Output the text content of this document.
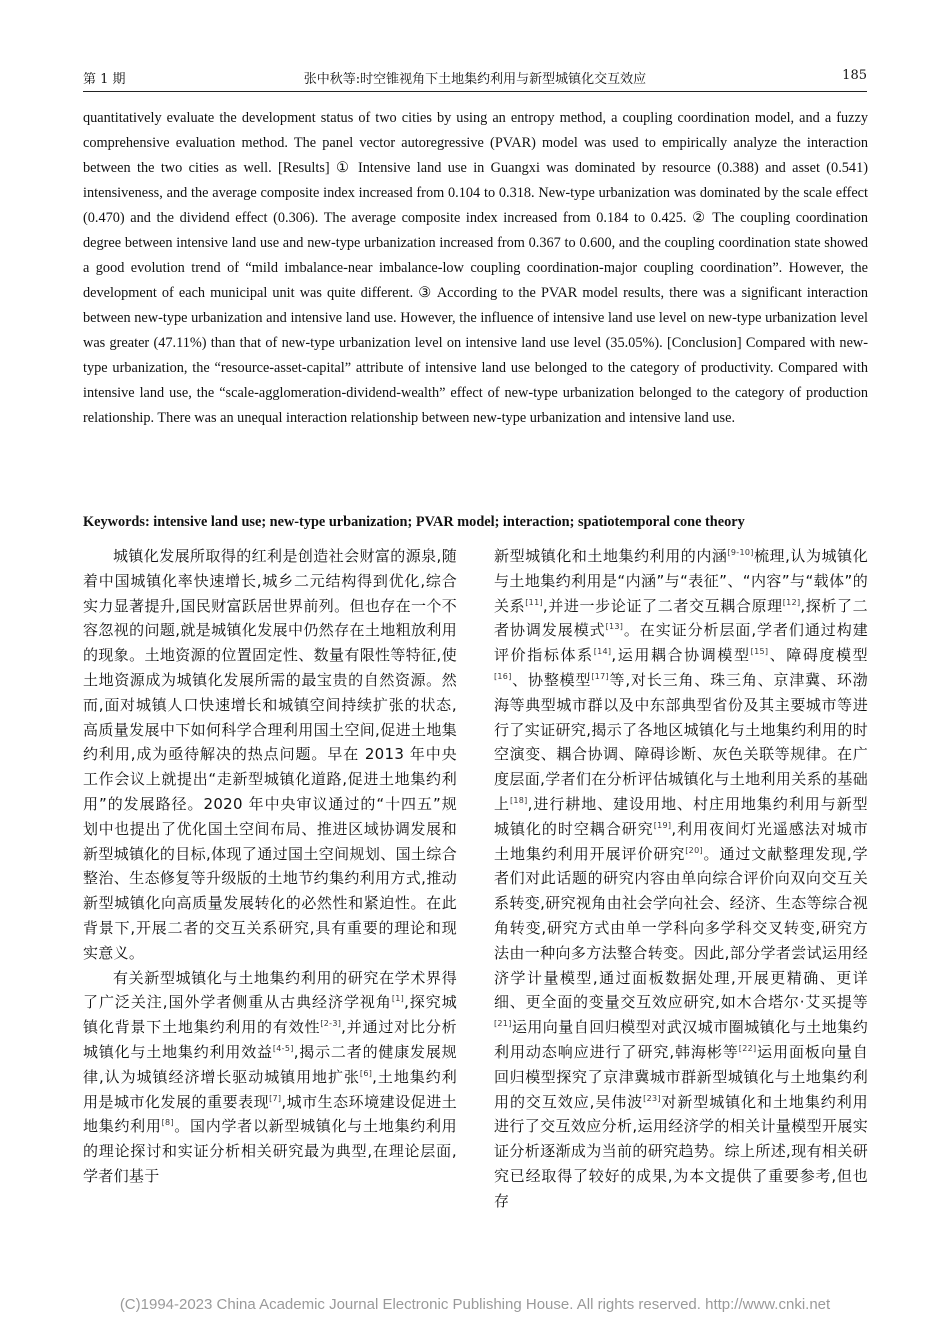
第 1 期	张中秋等:时空锥视角下土地集约利用与新型城镇化交互效应	185

quantitatively evaluate the development status of two cities by using an entropy method, a coupling coordination model, and a fuzzy comprehensive evaluation method. The panel vector autoregressive (PVAR) model was used to empirically analyze the interaction between the two cities as well. [Results] ① Intensive land use in Guangxi was dominated by resource (0.388) and asset (0.541) intensiveness, and the average composite index increased from 0.104 to 0.318. New-type urbanization was dominated by the scale effect (0.470) and the dividend effect (0.306). The average composite index increased from 0.184 to 0.425. ② The coupling coordination degree between intensive land use and new-type urbanization increased from 0.367 to 0.600, and the coupling coordination state showed a good evolution trend of “mild imbalance-near imbalance-low coupling coordination-major coupling coordination”. However, the development of each municipal unit was quite different. ③ According to the PVAR model results, there was a significant interaction between new-type urbanization and intensive land use. However, the influence of intensive land use level on new-type urbanization level was greater (47.11%) than that of new-type urbanization level on intensive land use level (35.05%). [Conclusion] Compared with new-type urbanization, the “resource-asset-capital” attribute of intensive land use belonged to the category of productivity. Compared with intensive land use, the “scale-agglomeration-dividend-wealth” effect of new-type urbanization belonged to the category of production relationship. There was an unequal interaction relationship between new-type urbanization and intensive land use.

Keywords: intensive land use; new-type urbanization; PVAR model; interaction; spatiotemporal cone theory

城镇化发展所取得的红利是创造社会财富的源泉,随着中国城镇化率快速增长,城乡二元结构得到优化,综合实力显著提升,国民财富跃居世界前列。但也存在一个不容忽视的问题,就是城镇化发展中仍然存在土地粗放利用的现象。土地资源的位置固定性、数量有限性等特征,使土地资源成为城镇化发展所需的最宝贵的自然资源。然而,面对城镇人口快速增长和城镇空间持续扩张的状态,高质量发展中下如何科学合理利用国土空间,促进土地集约利用,成为亟待解决的热点问题。早在 2013 年中央工作会议上就提出“走新型城镇化道路,促进土地集约利用”的发展路径。2020 年中央审议通过的“十四五”规划中也提出了优化国土空间布局、推进区域协调发展和新型城镇化的目标,体现了通过国土空间规划、国土综合整治、生态修复等升级版的土地节约集约利用方式,推动新型城镇化向高质量发展转化的必然性和紧迫性。在此背景下,开展二者的交互关系研究,具有重要的理论和现实意义。

有关新型城镇化与土地集约利用的研究在学术界得了广泛关注,国外学者侧重从古典经济学视角[1],探究城镇化背景下土地集约利用的有效性[2-3],并通过对比分析城镇化与土地集约利用效益[4-5],揭示二者的健康发展规律,认为城镇经济增长驱动城镇用地扩张[6],土地集约利用是城市化发展的重要表现[7],城市生态环境建设促进土地集约利用[8]。国内学者以新型城镇化与土地集约利用的理论探讨和实证分析相关研究最为典型,在理论层面,学者们基于

新型城镇化和土地集约利用的内涵[9-10]梳理,认为城镇化与土地集约利用是“内涵”与“表征”、“内容”与“载体”的关系[11],并进一步论证了二者交互耦合原理[12],探析了二者协调发展模式[13]。在实证分析层面,学者们通过构建评价指标体系[14],运用耦合协调模型[15]、障碍度模型[16]、协整模型[17]等,对长三角、珠三角、京津冀、环渤海等典型城市群以及中东部典型省份及其主要城市等进行了实证研究,揭示了各地区城镇化与土地集约利用的时空演变、耦合协调、障碍诊断、灰色关联等规律。在广度层面,学者们在分析评估城镇化与土地利用关系的基础上[18],进行耕地、建设用地、村庄用地集约利用与新型城镇化的时空耦合研究[19],利用夜间灯光遥感法对城市土地集约利用开展评价研究[20]。通过文献整理发现,学者们对此话题的研究内容由单向综合评价向双向交互关系转变,研究视角由社会学向社会、经济、生态等综合视角转变,研究方式由单一学科向多学科交叉转变,研究方法由一种向多方法整合转变。因此,部分学者尝试运用经济学计量模型,通过面板数据处理,开展更精确、更详细、更全面的变量交互效应研究,如木合塔尔·艾买提等[21]运用向量自回归模型对武汉城市圈城镇化与土地集约利用动态响应进行了研究,韩海彬等[22]运用面板向量自回归模型探究了京津冀城市群新型城镇化与土地集约利用的交互效应,吴伟波[23]对新型城镇化和土地集约利用进行了交互效应分析,运用经济学的相关计量模型开展实证分析逐渐成为当前的研究趋势。综上所述,现有相关研究已经取得了较好的成果,为本文提供了重要参考,但也存

(C)1994-2023 China Academic Journal Electronic Publishing House. All rights reserved. http://www.cnki.net
